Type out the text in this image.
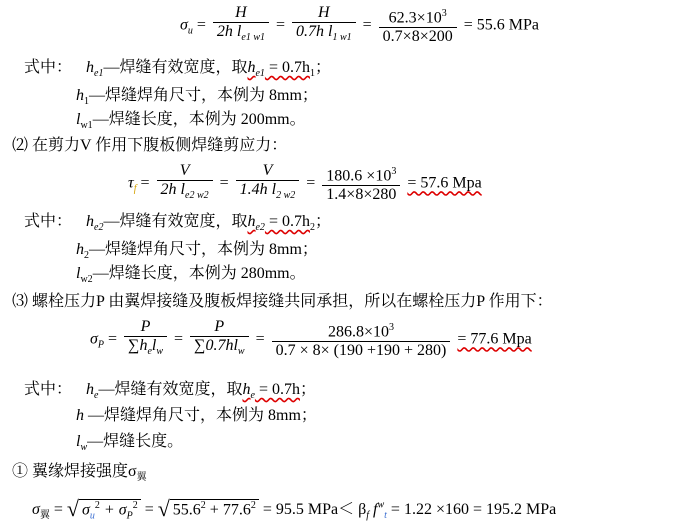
$\sigma_u = \frac{H}{2h l_{e1 w1}} = \frac{H}{0.7h l_{1 w1}} = \frac{62.3\times 10^3}{0.7\times 8\times 200} = 55.6$ MPa
式中： $h_{e1}—$焊缝有效宽度，取$h_{e1} = 0.7h_1$；
$h_1—$焊缝焊角尺寸，本例为 8mm；
$l_{w1}—$焊缝长度，本例为 200mm。
⑵ 在剪力V 作用下腹板侧焊缝剪应力：
$\tau_f = \frac{V}{2h l_{e2 w2}} = \frac{V}{1.4h l_{2 w2}} = \frac{180.6 \times 10^3}{1.4\times 8\times 280} = 57.6$ Mpa
式中： $h_{e2}—$焊缝有效宽度，取$h_{e2} = 0.7h_2$；
$h_2—$焊缝焊角尺寸，本例为 8mm；
$l_{w2}—$焊缝长度，本例为 280mm。
⑶ 螺栓压力P 由翼焊接缝及腹板焊接缝共同承担，所以在螺栓压力P 作用下：
$\sigma_P = \frac{P}{\sum h_el_w} = \frac{P}{\sum 0.7hl_w} = \frac{286.8\times 10^3}{0.7 \times 8\times (190 +190 + 280)} = 77.6$ Mpa
式中： $h_e—$焊缝有效宽度，取$h_e = 0.7h$；
h —焊缝焊角尺寸，本例为 8mm；
$l_w—$焊缝长度。
① 翼缘焊接强度$\sigma_翼$
$\sigma_翼$ = √ $\sigma_u^2 + \sigma_P^2$ = √ $55.6^2 + 77.6^2 = 95.5$ $MPa< \beta_f$ $f^w_t = 1.22 \times 160 = 195.2$ MPa
